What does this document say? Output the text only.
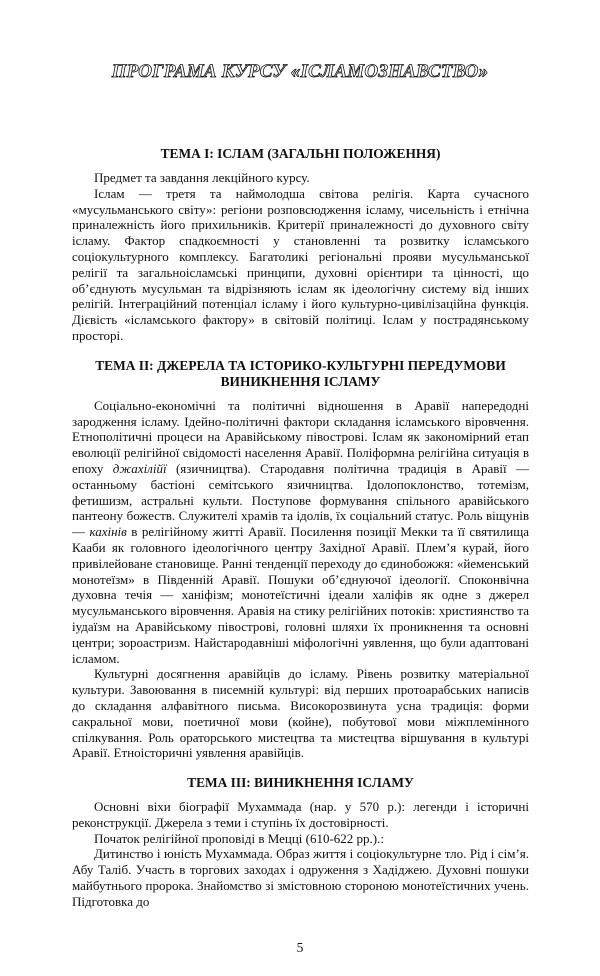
ПРОГРАМА КУРСУ «ІСЛАМОЗНАВСТВО»
ТЕМА І: ІСЛАМ (ЗАГАЛЬНІ ПОЛОЖЕННЯ)

Предмет та завдання лекційного курсу.

Іслам — третя та наймолодша світова релігія. Карта сучасного «мусульманського світу»: регіони розповсюдження ісламу, чисельність і етнічна приналежність його прихильників. Критерії приналежності до духовного світу ісламу. Фактор спадкоємності у становленні та розвитку ісламського соціокультурного комплексу. Багатоликі регіональні прояви мусульманської релігії та загальноісламські принципи, духовні орієнтири та цінності, що об’єднують мусульман та відрізняють іслам як ідеологічну систему від інших релігій. Інтеграційний потенціал ісламу і його культурно-цивілізаційна функція. Дієвість «ісламського фактору» в світовій політиці. Іслам у пострадянському просторі.

ТЕМА ІІ: ДЖЕРЕЛА ТА ІСТОРИКО-КУЛЬТУРНІ ПЕРЕДУМОВИ
ВИНИКНЕННЯ ІСЛАМУ

Соціально-економічні та політичні відношення в Аравії напередодні зародження ісламу. Ідейно-політичні фактори складання ісламського віровчення. Етнополітичні процеси на Аравійському півострові. Іслам як закономірний етап еволюції релігійної свідомості населення Аравії. Поліформна релігійна ситуація в епоху джахілійї (язичництва). Стародавня політична традиція в Аравії — останньому бастіоні семітського язичництва. Ідолопоклонство, тотемізм, фетишизм, астральні культи. Поступове формування спільного аравійського пантеону божеств. Служителі храмів та ідолів, їх соціальний статус. Роль віщунів — кахінів в релігійному житті Аравії. Посилення позиції Мекки та її святилища Кааби як головного ідеологічного центру Західної Аравії. Плем’я курай, його привілейоване становище. Ранні тенденції переходу до єдинобожжя: «йеменський монотеїзм» в Південній Аравії. Пошуки об’єднуючої ідеології. Споконвічна духовна течія — ханіфізм; монотеїстичні ідеали халіфів як одне з джерел мусульманського віровчення. Аравія на стику релігійних потоків: християнство та іудаїзм на Аравійському півострові, головні шляхи їх проникнення та основні центри; зороастризм. Найстародавніші міфологічні уявлення, що були адаптовані ісламом.

Культурні досягнення аравійців до ісламу. Рівень розвитку матеріальної культури. Завоювання в писемній культурі: від перших протоарабських написів до складання алфавітного письма. Високорозвинута усна традиція: форми сакральної мови, поетичної мови (койне), побутової мови міжплемінного спілкування. Роль ораторського мистецтва та мистецтва віршування в культурі Аравії. Етноісторичні уявлення аравійців.

ТЕМА ІІІ: ВИНИКНЕННЯ ІСЛАМУ

Основні віхи біографії Мухаммада (нар. у 570 р.): легенди і історичні реконструкції. Джерела з теми і ступінь їх достовірності.

Початок релігійної проповіді в Мецці (610-622 рр.).:

Дитинство і юність Мухаммада. Образ життя і соціокультурне тло. Рід і сім’я. Абу Таліб. Участь в торгових заходах і одруження з Хадіджею. Духовні пошуки майбутнього пророка. Знайомство зі змістовною стороною монотеїстичних учень. Підготовка до

5
